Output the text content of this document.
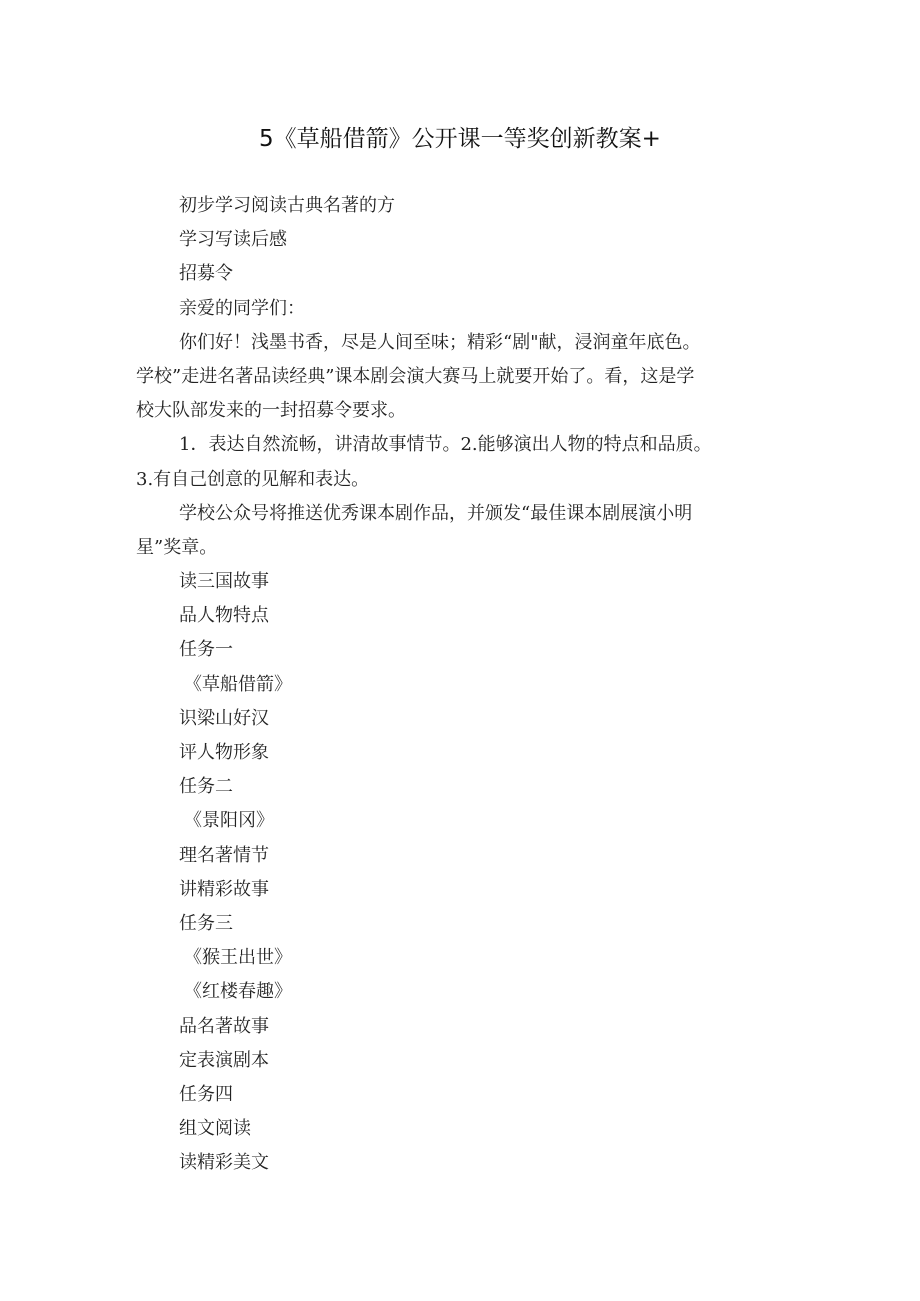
5《草船借箭》公开课一等奖创新教案+
初步学习阅读古典名著的方
学习写读后感
招募令
亲爱的同学们：
你们好！浅墨书香，尽是人间至味；精彩“剧"献，浸润童年底色。
学校”走进名著品读经典”课本剧会演大赛马上就要开始了。看，这是学
校大队部发来的一封招募令要求。
1．表达自然流畅，讲清故事情节。2.能够演出人物的特点和品质。
3.有自己创意的见解和表达。
学校公众号将推送优秀课本剧作品，并颁发“最佳课本剧展演小明
星”奖章。
读三国故事
品人物特点
任务一
《草船借箭》
识梁山好汉
评人物形象
任务二
《景阳冈》
理名著情节
讲精彩故事
任务三
《猴王出世》
《红楼春趣》
品名著故事
定表演剧本
任务四
组文阅读
读精彩美文
